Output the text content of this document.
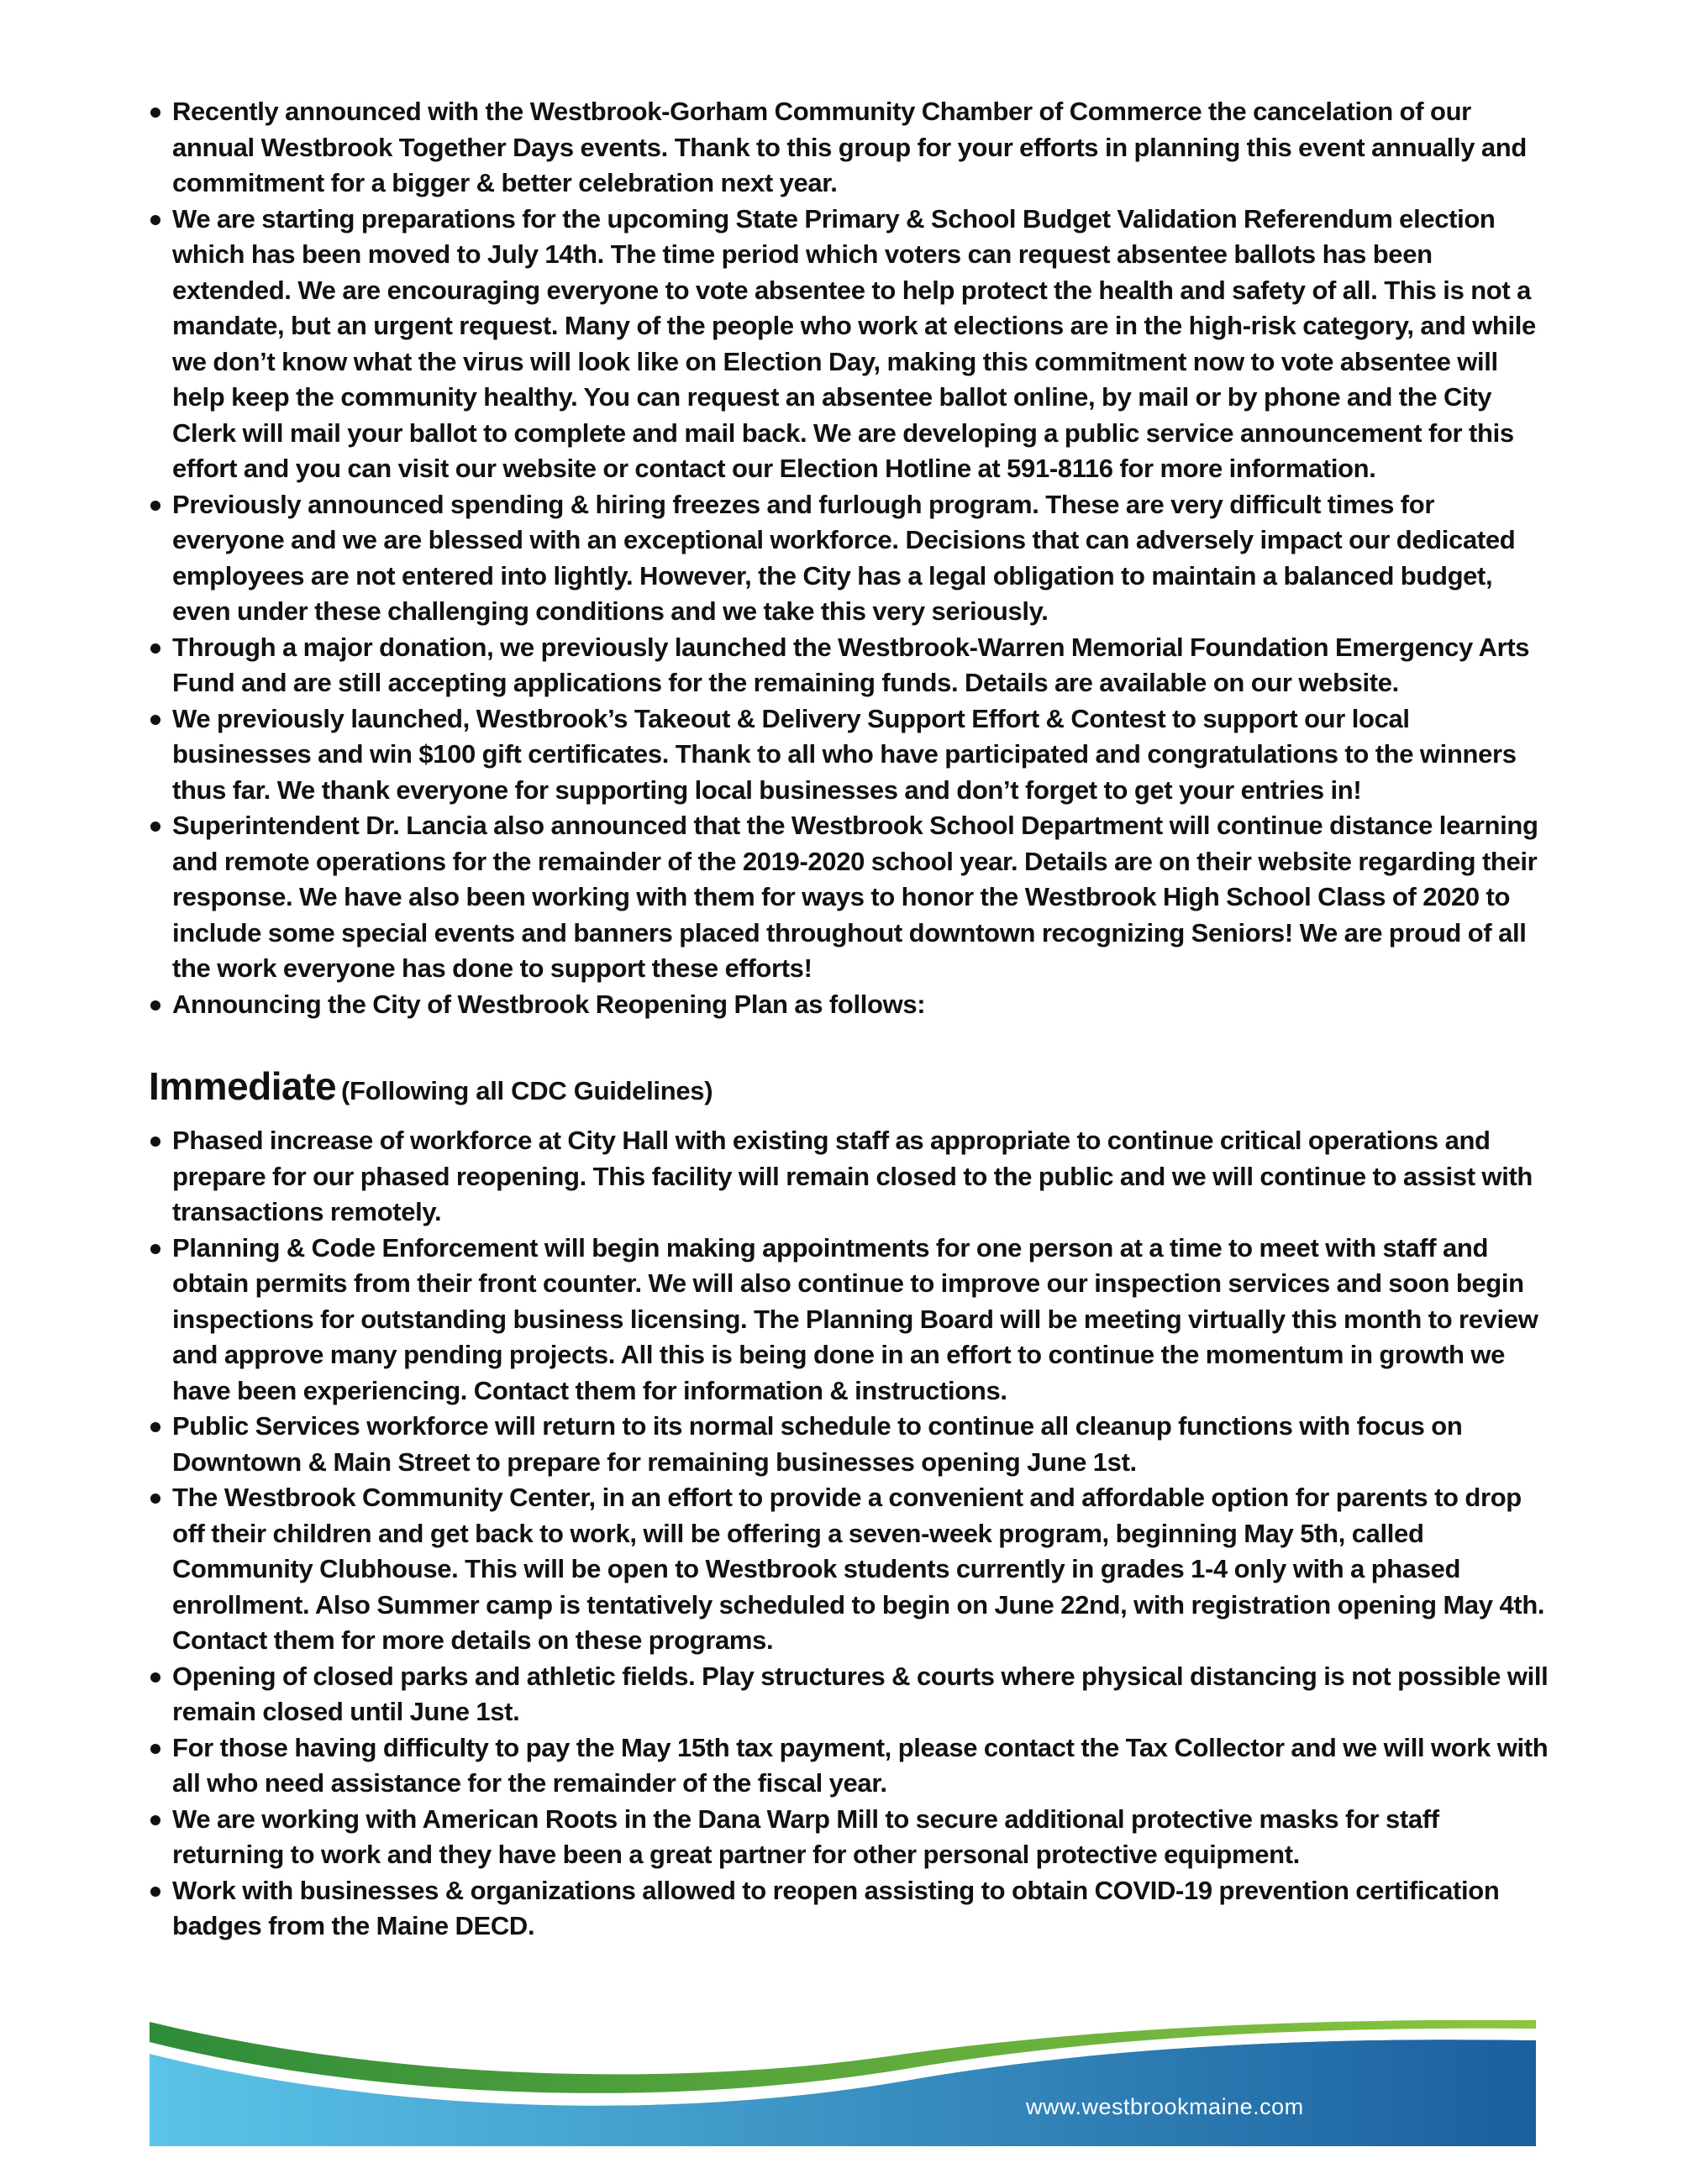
Recently announced with the Westbrook-Gorham Community Chamber of Commerce the cancelation of our annual Westbrook Together Days events. Thank to this group for your efforts in planning this event annually and commitment for a bigger & better celebration next year.
We are starting preparations for the upcoming State Primary & School Budget Validation Referendum election which has been moved to July 14th. The time period which voters can request absentee ballots has been extended. We are encouraging everyone to vote absentee to help protect the health and safety of all. This is not a mandate, but an urgent request. Many of the people who work at elections are in the high-risk category, and while we don’t know what the virus will look like on Election Day, making this commitment now to vote absentee will help keep the community healthy. You can request an absentee ballot online, by mail or by phone and the City Clerk will mail your ballot to complete and mail back. We are developing a public service announcement for this effort and you can visit our website or contact our Election Hotline at 591-8116 for more information.
Previously announced spending & hiring freezes and furlough program. These are very difficult times for everyone and we are blessed with an exceptional workforce. Decisions that can adversely impact our dedicated employees are not entered into lightly. However, the City has a legal obligation to maintain a balanced budget, even under these challenging conditions and we take this very seriously.
Through a major donation, we previously launched the Westbrook-Warren Memorial Foundation Emergency Arts Fund and are still accepting applications for the remaining funds. Details are available on our website.
We previously launched, Westbrook’s Takeout & Delivery Support Effort & Contest to support our local businesses and win $100 gift certificates. Thank to all who have participated and congratulations to the winners thus far. We thank everyone for supporting local businesses and don’t forget to get your entries in!
Superintendent Dr. Lancia also announced that the Westbrook School Department will continue distance learning and remote operations for the remainder of the 2019-2020 school year. Details are on their website regarding their response. We have also been working with them for ways to honor the Westbrook High School Class of 2020 to include some special events and banners placed throughout downtown recognizing Seniors! We are proud of all the work everyone has done to support these efforts!
Announcing the City of Westbrook Reopening Plan as follows:
Immediate (Following all CDC Guidelines)
Phased increase of workforce at City Hall with existing staff as appropriate to continue critical operations and prepare for our phased reopening. This facility will remain closed to the public and we will continue to assist with transactions remotely.
Planning & Code Enforcement will begin making appointments for one person at a time to meet with staff and obtain permits from their front counter. We will also continue to improve our inspection services and soon begin inspections for outstanding business licensing. The Planning Board will be meeting virtually this month to review and approve many pending projects. All this is being done in an effort to continue the momentum in growth we have been experiencing. Contact them for information & instructions.
Public Services workforce will return to its normal schedule to continue all cleanup functions with focus on Downtown & Main Street to prepare for remaining businesses opening June 1st.
The Westbrook Community Center, in an effort to provide a convenient and affordable option for parents to drop off their children and get back to work, will be offering a seven-week program, beginning May 5th, called Community Clubhouse. This will be open to Westbrook students currently in grades 1-4 only with a phased enrollment. Also Summer camp is tentatively scheduled to begin on June 22nd, with registration opening May 4th. Contact them for more details on these programs.
Opening of closed parks and athletic fields. Play structures & courts where physical distancing is not possible will remain closed until June 1st.
For those having difficulty to pay the May 15th tax payment, please contact the Tax Collector and we will work with all who need assistance for the remainder of the fiscal year.
We are working with American Roots in the Dana Warp Mill to secure additional protective masks for staff returning to work and they have been a great partner for other personal protective equipment.
Work with businesses & organizations allowed to reopen assisting to obtain COVID-19 prevention certification badges from the Maine DECD.
www.westbrookmaine.com
